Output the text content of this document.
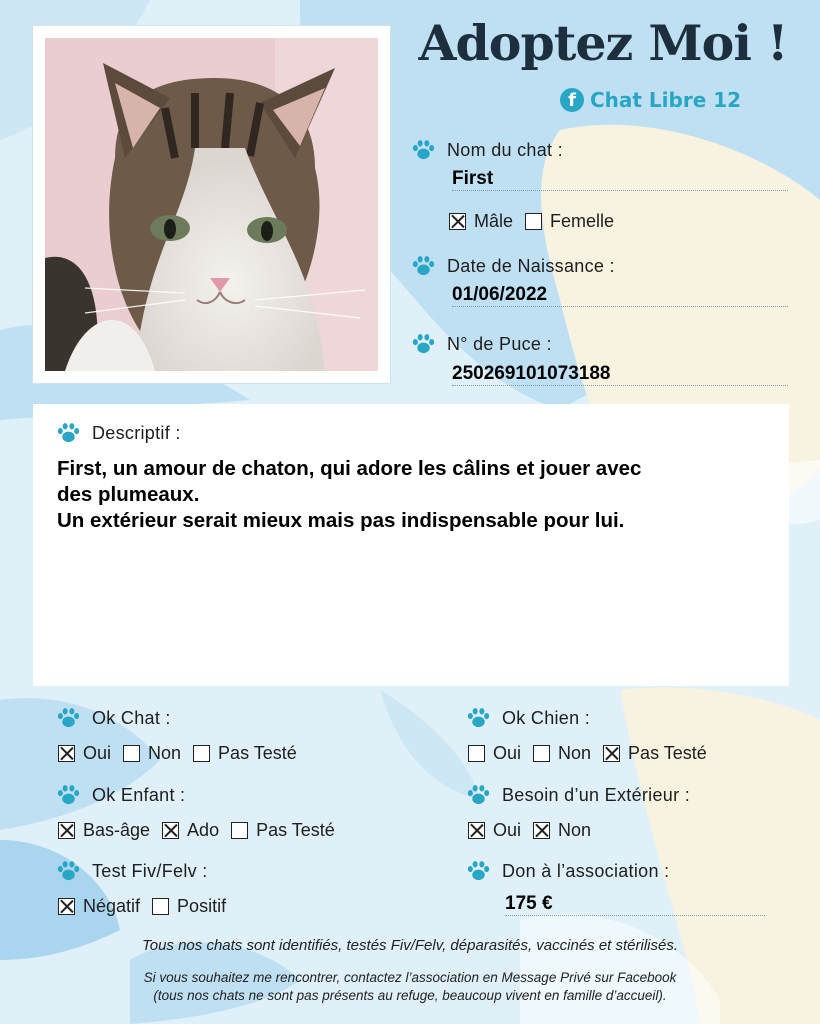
Adoptez Moi !
f Chat Libre 12
Nom du chat :
First
Mâle Femelle
Date de Naissance :
01/06/2022
N° de Puce :
250269101073188
Descriptif :
First, un amour de chaton, qui adore les câlins et jouer avec
des plumeaux.
Un extérieur serait mieux mais pas indispensable pour lui.
Ok Chat :
Oui Non Pas Testé
Ok Enfant :
Bas-âge Ado Pas Testé
Test Fiv/Felv :
Négatif Positif
Ok Chien :
Oui Non Pas Testé
Besoin d’un Extérieur :
Oui Non
Don à l’association :
175 €
Tous nos chats sont identifiés, testés Fiv/Felv, déparasités, vaccinés et stérilisés.
Si vous souhaitez me rencontrer, contactez l’association en Message Privé sur Facebook
(tous nos chats ne sont pas présents au refuge, beaucoup vivent en famille d’accueil).
